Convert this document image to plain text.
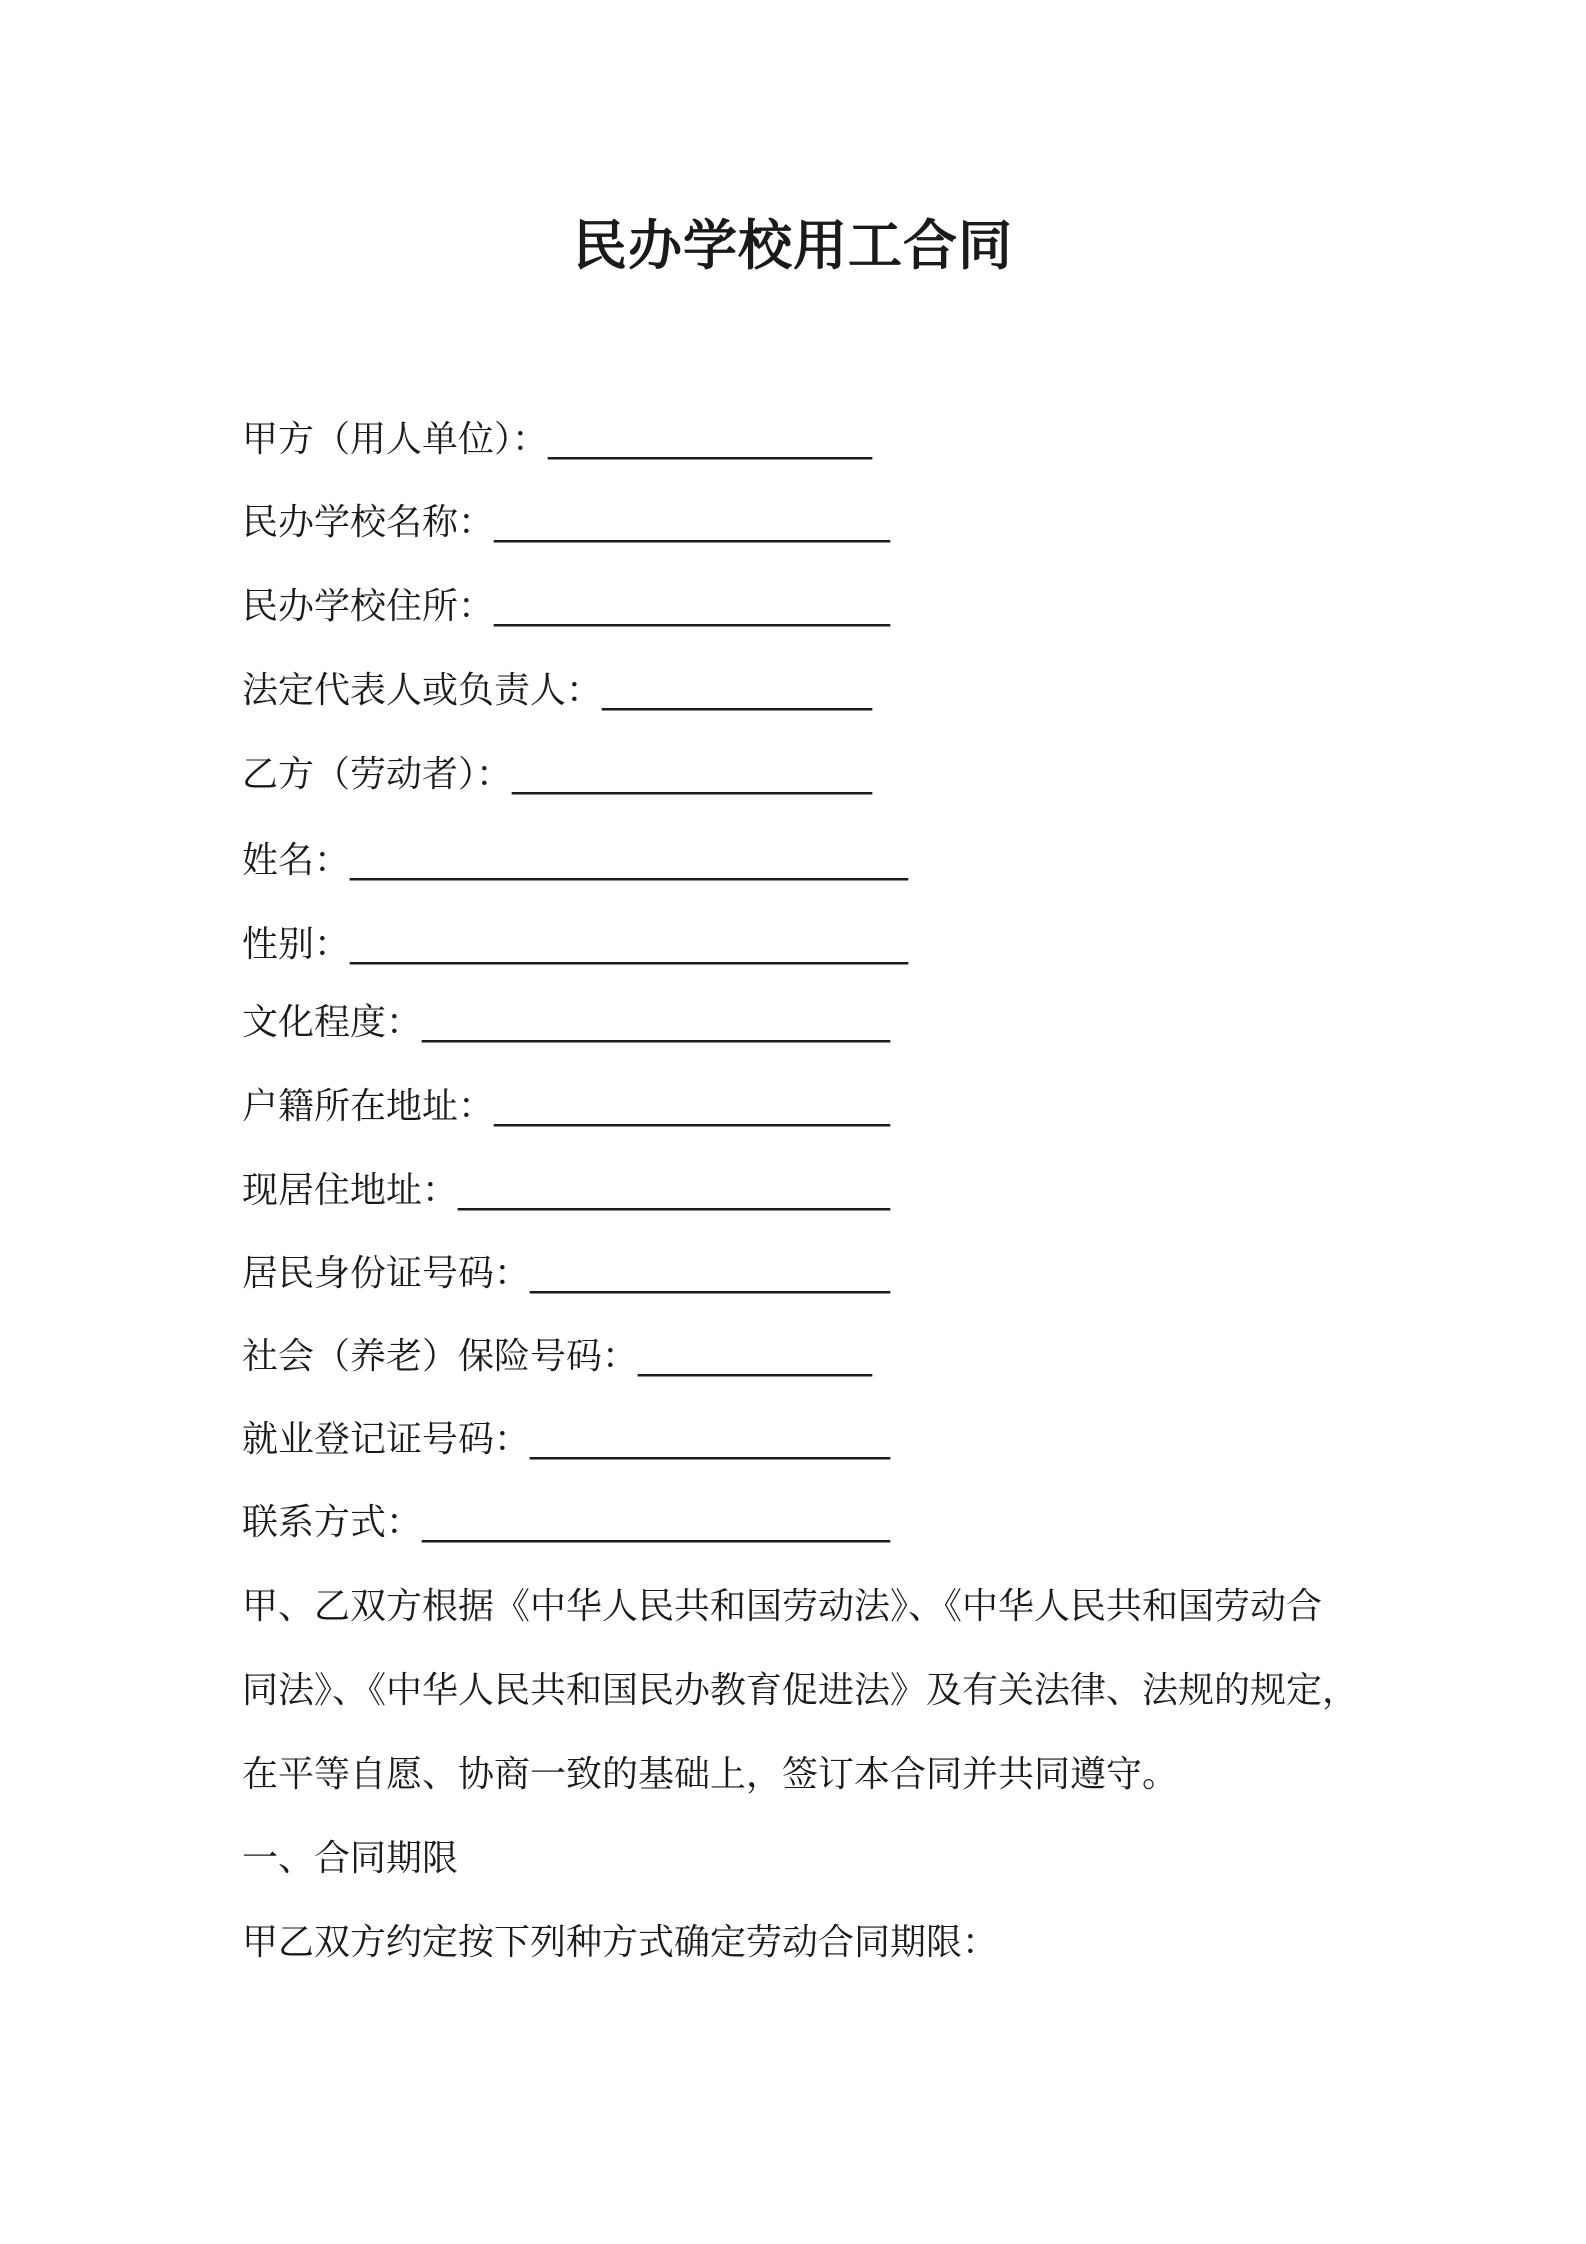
民办学校用工合同
甲方（用人单位）：__________________
民办学校名称：______________________
民办学校住所：______________________
法定代表人或负责人：_______________
乙方（劳动者）：____________________
姓名：_______________________________
性别：_______________________________
文化程度：__________________________
户籍所在地址：______________________
现居住地址：________________________
居民身份证号码：____________________
社会（养老）保险号码：_____________
就业登记证号码：____________________
联系方式：__________________________
甲、乙双方根据《中华人民共和国劳动法》、《中华人民共和国劳动合
同法》、《中华人民共和国民办教育促进法》及有关法律、法规的规定，
在平等自愿、协商一致的基础上，签订本合同并共同遵守。
一、合同期限
甲乙双方约定按下列种方式确定劳动合同期限：
